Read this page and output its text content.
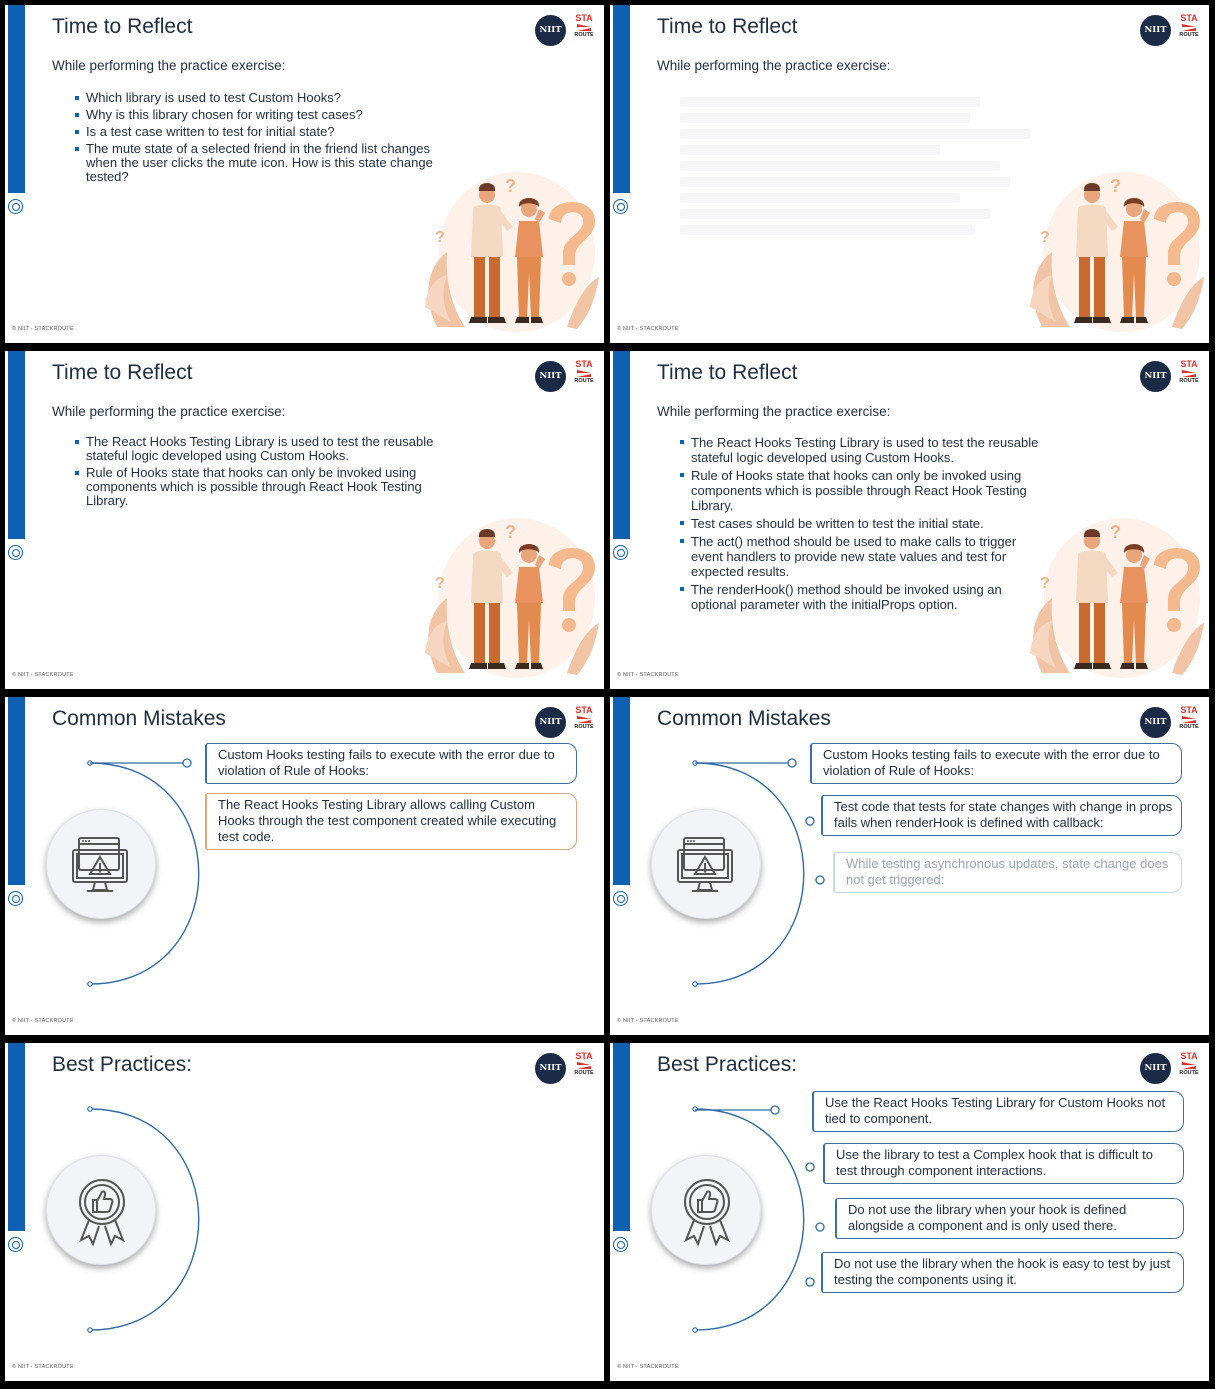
Time to Reflect	NIIT
STA
ROUTE
© NIIT - STACKROUTE
While performing the practice exercise:
Which library is used to test Custom Hooks?
Why is this library chosen for writing test cases?
Is a test case written to test for initial state?
The mute state of a selected friend in the friend list changes when the user clicks the mute icon. How is this state change tested?	?
?
Time to Reflect	NIIT
STA
ROUTE
© NIIT - STACKROUTE
While performing the practice exercise:
?
?
Time to Reflect	NIIT
STA
ROUTE
© NIIT - STACKROUTE
While performing the practice exercise:
The React Hooks Testing Library is used to test the reusable stateful logic developed using Custom Hooks.
Rule of Hooks state that hooks can only be invoked using components which is possible through React Hook Testing Library.
?
?
Time to Reflect	NIIT
STA
ROUTE
© NIIT - STACKROUTE
While performing the practice exercise:
The React Hooks Testing Library is used to test the reusable stateful logic developed using Custom Hooks.
Rule of Hooks state that hooks can only be invoked using components which is possible through React Hook Testing Library.
Test cases should be written to test the initial state.
The act() method should be used to make calls to trigger event handlers to provide new state values and test for expected results.
The renderHook() method should be invoked using an optional parameter with the initialProps option.
?
?
Common Mistakes	NIIT
STA
ROUTE
© NIIT - STACKROUTE
Custom Hooks testing fails to execute with the error due to violation of Rule of Hooks:
The React Hooks Testing Library allows calling Custom Hooks through the test component created while executing test code.
Common Mistakes	NIIT
STA
ROUTE
© NIIT - STACKROUTE
Custom Hooks testing fails to execute with the error due to violation of Rule of Hooks:
Test code that tests for state changes with change in props fails when renderHook is defined with callback:
While testing asynchronous updates, state change does not get triggered:
Best Practices:	NIIT
STA
ROUTE
© NIIT - STACKROUTE
Best Practices:	NIIT
STA
ROUTE
© NIIT - STACKROUTE
Use the React Hooks Testing Library for Custom Hooks not tied to component.
Use the library to test a Complex hook that is difficult to test through component interactions.
Do not use the library when your hook is defined alongside a component and is only used there.
Do not use the library when the hook is easy to test by just testing the components using it.
